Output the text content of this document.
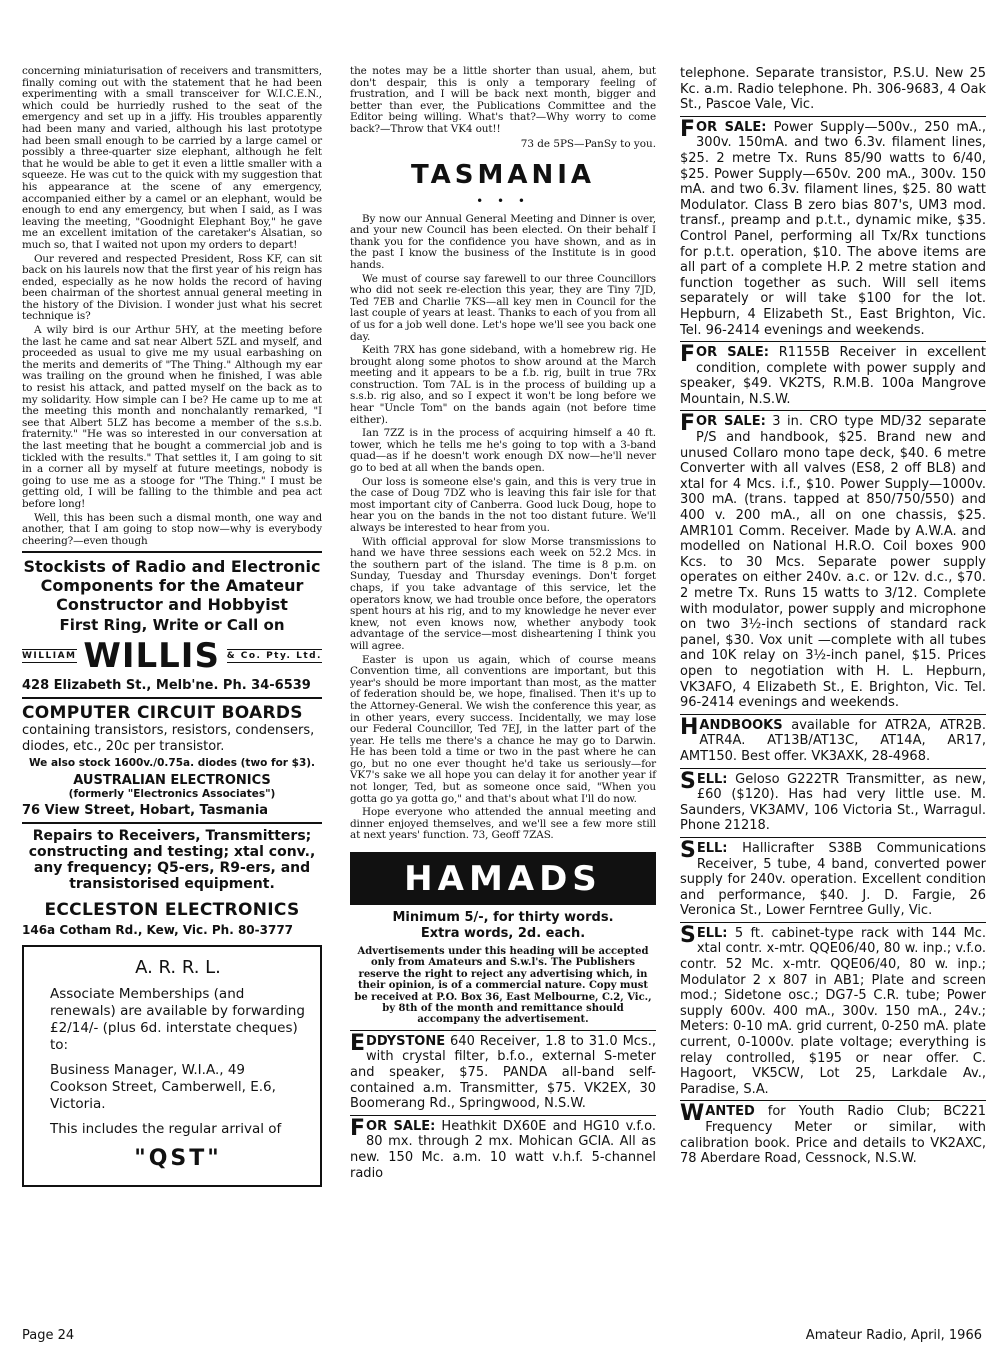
concerning miniaturisation of receivers and transmitters, finally coming out with the statement that he had been experimenting with a small transceiver for W.I.C.E.N., which could be hurriedly rushed to the seat of the emergency and set up in a jiffy. His troubles apparently had been many and varied, although his last prototype had been small enough to be carried by a large camel or possibly a three-quarter size elephant, although he felt that he would be able to get it even a little smaller with a squeeze. He was cut to the quick with my suggestion that his appearance at the scene of any emergency, accompanied either by a camel or an elephant, would be enough to end any emergency, but when I said, as I was leaving the meeting, "Goodnight Elephant Boy," he gave me an excellent imitation of the caretaker's Alsatian, so much so, that I waited not upon my orders to depart!

Our revered and respected President, Ross KF, can sit back on his laurels now that the first year of his reign has ended, especially as he now holds the record of having been chairman of the shortest annual general meeting in the history of the Division. I wonder just what his secret technique is?

A wily bird is our Arthur 5HY, at the meeting before the last he came and sat near Albert 5ZL and myself, and proceeded as usual to give me my usual earbashing on the merits and demerits of "The Thing." Although my ear was trailing on the ground when he finished, I was able to resist his attack, and patted myself on the back as to my solidarity. How simple can I be? He came up to me at the meeting this month and nonchalantly remarked, "I see that Albert 5LZ has become a member of the s.s.b. fraternity." "He was so interested in our conversation at the last meeting that he bought a commercial job and is tickled with the results." That settles it, I am going to sit in a corner all by myself at future meetings, nobody is going to use me as a stooge for "The Thing." I must be getting old, I will be falling to the thimble and pea act before long!

Well, this has been such a dismal month, one way and another, that I am going to stop now—why is everybody cheering?—even though

Stockists of Radio and Electronic Components for the Amateur Constructor and Hobbyist
First Ring, Write or Call on
WILLIAM WILLIS & Co. Pty. Ltd.
428 Elizabeth St., Melb'ne. Ph. 34-6539
COMPUTER CIRCUIT BOARDS
containing transistors, resistors, condensers, diodes, etc., 20c per transistor.
We also stock 1600v./0.75a. diodes (two for $3).
AUSTRALIAN ELECTRONICS
(formerly "Electronics Associates")
76 View Street, Hobart, Tasmania
Repairs to Receivers, Transmitters; constructing and testing; xtal conv., any frequency; Q5-ers, R9-ers, and transistorised equipment.
ECCLESTON ELECTRONICS
146a Cotham Rd., Kew, Vic. Ph. 80-3777
A. R. R. L.

Associate Memberships (and renewals) are available by forwarding £2/14/- (plus 6d. interstate cheques) to:

Business Manager, W.I.A., 49 Cookson Street, Camberwell, E.6, Victoria.

This includes the regular arrival of

"QST"

the notes may be a little shorter than usual, ahem, but don't despair, this is only a temporary feeling of frustration, and I will be back next month, bigger and better than ever, the Publications Committee and the Editor being willing. What's that?—Why worry to come back?—Throw that VK4 out!!

73 de 5PS—PanSy to you.

TASMANIA
• • •

By now our Annual General Meeting and Dinner is over, and your new Council has been elected. On their behalf I thank you for the confidence you have shown, and as in the past I know the business of the Institute is in good hands.

We must of course say farewell to our three Councillors who did not seek re-election this year, they are Tiny 7JD, Ted 7EB and Charlie 7KS—all key men in Council for the last couple of years at least. Thanks to each of you from all of us for a job well done. Let's hope we'll see you back one day.

Keith 7RX has gone sideband, with a homebrew rig. He brought along some photos to show around at the March meeting and it appears to be a f.b. rig, built in true 7Rx construction. Tom 7AL is in the process of building up a s.s.b. rig also, and so I expect it won't be long before we hear "Uncle Tom" on the bands again (not before time either).

Ian 7ZZ is in the process of acquiring himself a 40 ft. tower, which he tells me he's going to top with a 3-band quad—as if he doesn't work enough DX now—he'll never go to bed at all when the bands open.

Our loss is someone else's gain, and this is very true in the case of Doug 7DZ who is leaving this fair isle for that most important city of Canberra. Good luck Doug, hope to hear you on the bands in the not too distant future. We'll always be interested to hear from you.

With official approval for slow Morse transmissions to hand we have three sessions each week on 52.2 Mcs. in the southern part of the island. The time is 8 p.m. on Sunday, Tuesday and Thursday evenings. Don't forget chaps, if you take advantage of this service, let the operators know, we had trouble once before, the operators spent hours at his rig, and to my knowledge he never ever knew, not even knows now, whether anybody took advantage of the service—most disheartening I think you will agree.

Easter is upon us again, which of course means Convention time, all conventions are important, but this year's should be more important than most, as the matter of federation should be, we hope, finalised. Then it's up to the Attorney-General. We wish the conference this year, as in other years, every success. Incidentally, we may lose our Federal Councillor, Ted 7EJ, in the latter part of the year. He tells me there's a chance he may go to Darwin. He has been told a time or two in the past where he can go, but no one ever thought he'd take us seriously—for VK7's sake we all hope you can delay it for another year if not longer, Ted, but as someone once said, "When you gotta go ya gotta go," and that's about what I'll do now.

Hope everyone who attended the annual meeting and dinner enjoyed themselves, and we'll see a few more still at next years' function. 73, Geoff 7ZAS.

HAMADS
Minimum 5/-, for thirty words.
Extra words, 2d. each.
Advertisements under this heading will be accepted only from Amateurs and S.w.l's. The Publishers reserve the right to reject any advertising which, in their opinion, is of a commercial nature. Copy must be received at P.O. Box 36, East Melbourne, C.2, Vic., by 8th of the month and remittance should accompany the advertisement.
EDDYSTONE 640 Receiver, 1.8 to 31.0 Mcs., with crystal filter, b.f.o., external S-meter and speaker, $75. PANDA all-band self-contained a.m. Transmitter, $75. VK2EX, 30 Boomerang Rd., Springwood, N.S.W.
FOR SALE: Heathkit DX60E and HG10 v.f.o. 80 mx. through 2 mx. Mohican GCIA. All as new. 150 Mc. a.m. 10 watt v.h.f. 5-channel radio
telephone. Separate transistor, P.S.U. New 25 Kc. a.m. Radio telephone. Ph. 306-9683, 4 Oak St., Pascoe Vale, Vic.
FOR SALE: Power Supply—500v., 250 mA., 300v. 150mA. and two 6.3v. filament lines, $25. 2 metre Tx. Runs 85/90 watts to 6/40, $25. Power Supply—650v. 200 mA., 300v. 150 mA. and two 6.3v. filament lines, $25. 80 watt Modulator. Class B zero bias 807's, UM3 mod. transf., preamp and p.t.t., dynamic mike, $35. Control Panel, performing all Tx/Rx tunctions for p.t.t. operation, $10. The above items are all part of a complete H.P. 2 metre station and function together as such. Will sell items separately or will take $100 for the lot. Hepburn, 4 Elizabeth St., East Brighton, Vic. Tel. 96-2414 evenings and weekends.
FOR SALE: R1155B Receiver in excellent condition, complete with power supply and speaker, $49. VK2TS, R.M.B. 100a Mangrove Mountain, N.S.W.
FOR SALE: 3 in. CRO type MD/32 separate P/S and handbook, $25. Brand new and unused Collaro mono tape deck, $40. 6 metre Converter with all valves (ES8, 2 off BL8) and xtal for 4 Mcs. i.f., $10. Power Supply—1000v. 300 mA. (trans. tapped at 850/750/550) and 400 v. 200 mA., all on one chassis, $25. AMR101 Comm. Receiver. Made by A.W.A. and modelled on National H.R.O. Coil boxes 900 Kcs. to 30 Mcs. Separate power supply operates on either 240v. a.c. or 12v. d.c., $70. 2 metre Tx. Runs 15 watts to 3/12. Complete with modulator, power supply and microphone on two 3½-inch sections of standard rack panel, $30. Vox unit —complete with all tubes and 10K relay on 3½-inch panel, $15. Prices open to negotiation with H. L. Hepburn, VK3AFO, 4 Elizabeth St., E. Brighton, Vic. Tel. 96-2414 evenings and weekends.
HANDBOOKS available for ATR2A, ATR2B. ATR4A. AT13B/AT13C, AT14A, AR17, AMT150. Best offer. VK3AXK, 28-4968.
SELL: Geloso G222TR Transmitter, as new, £60 ($120). Has had very little use. M. Saunders, VK3AMV, 106 Victoria St., Warragul. Phone 21218.
SELL: Hallicrafter S38B Communications Receiver, 5 tube, 4 band, converted power supply for 240v. operation. Excellent condition and performance, $40. J. D. Fargie, 26 Veronica St., Lower Ferntree Gully, Vic.
SELL: 5 ft. cabinet-type rack with 144 Mc. xtal contr. x-mtr. QQE06/40, 80 w. inp.; v.f.o. contr. 52 Mc. x-mtr. QQE06/40, 80 w. inp.; Modulator 2 x 807 in AB1; Plate and screen mod.; Sidetone osc.; DG7-5 C.R. tube; Power supply 600v. 400 mA., 300v. 150 mA., 24v.; Meters: 0-10 mA. grid current, 0-250 mA. plate current, 0-1000v. plate voltage; everything is relay controlled, $195 or near offer. C. Hagoort, VK5CW, Lot 25, Larkdale Av., Paradise, S.A.
WANTED for Youth Radio Club; BC221 Frequency Meter or similar, with calibration book. Price and details to VK2AXC, 78 Aberdare Road, Cessnock, N.S.W.
Page 24	Amateur Radio, April, 1966
